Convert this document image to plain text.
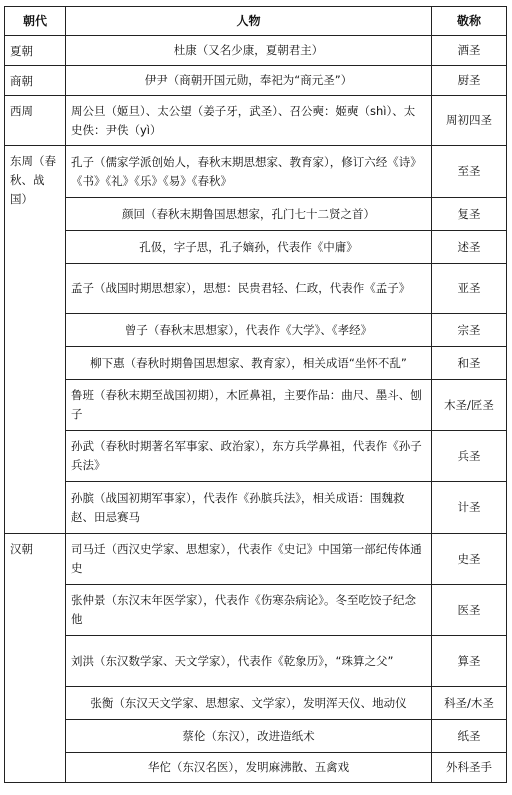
朝代	人物	敬称
夏朝	杜康（又名少康，夏朝君主）	酒圣
商朝	伊尹（商朝开国元勋，奉祀为“商元圣”）	厨圣
西周	周公旦（姬旦）、太公望（姜子牙，武圣）、召公奭：姬奭（shì）、太史佚：尹佚（yì）	周初四圣
东周（春秋、战国）	孔子（儒家学派创始人，春秋末期思想家、教育家），修订六经《诗》《书》《礼》《乐》《易》《春秋》	至圣
	颜回（春秋末期鲁国思想家，孔门七十二贤之首）	复圣
	孔伋，字子思，孔子嫡孙，代表作《中庸》	述圣
	孟子（战国时期思想家），思想：民贵君轻、仁政，代表作《孟子》	亚圣
	曾子（春秋末思想家），代表作《大学》、《孝经》	宗圣
	柳下惠（春秋时期鲁国思想家、教育家），相关成语“坐怀不乱”	和圣
	鲁班（春秋末期至战国初期），木匠鼻祖，主要作品：曲尺、墨斗、刨子	木圣/匠圣
	孙武（春秋时期著名军事家、政治家），东方兵学鼻祖，代表作《孙子兵法》	兵圣
	孙膑（战国初期军事家），代表作《孙膑兵法》，相关成语：围魏救赵、田忌赛马	计圣
汉朝	司马迁（西汉史学家、思想家），代表作《史记》中国第一部纪传体通史	史圣
	张仲景（东汉末年医学家），代表作《伤寒杂病论》。冬至吃饺子纪念他	医圣
	刘洪（东汉数学家、天文学家），代表作《乾象历》，“珠算之父”	算圣
	张衡（东汉天文学家、思想家、文学家），发明浑天仪、地动仪	科圣/木圣
	蔡伦（东汉），改进造纸术	纸圣
	华佗（东汉名医），发明麻沸散、五禽戏	外科圣手
